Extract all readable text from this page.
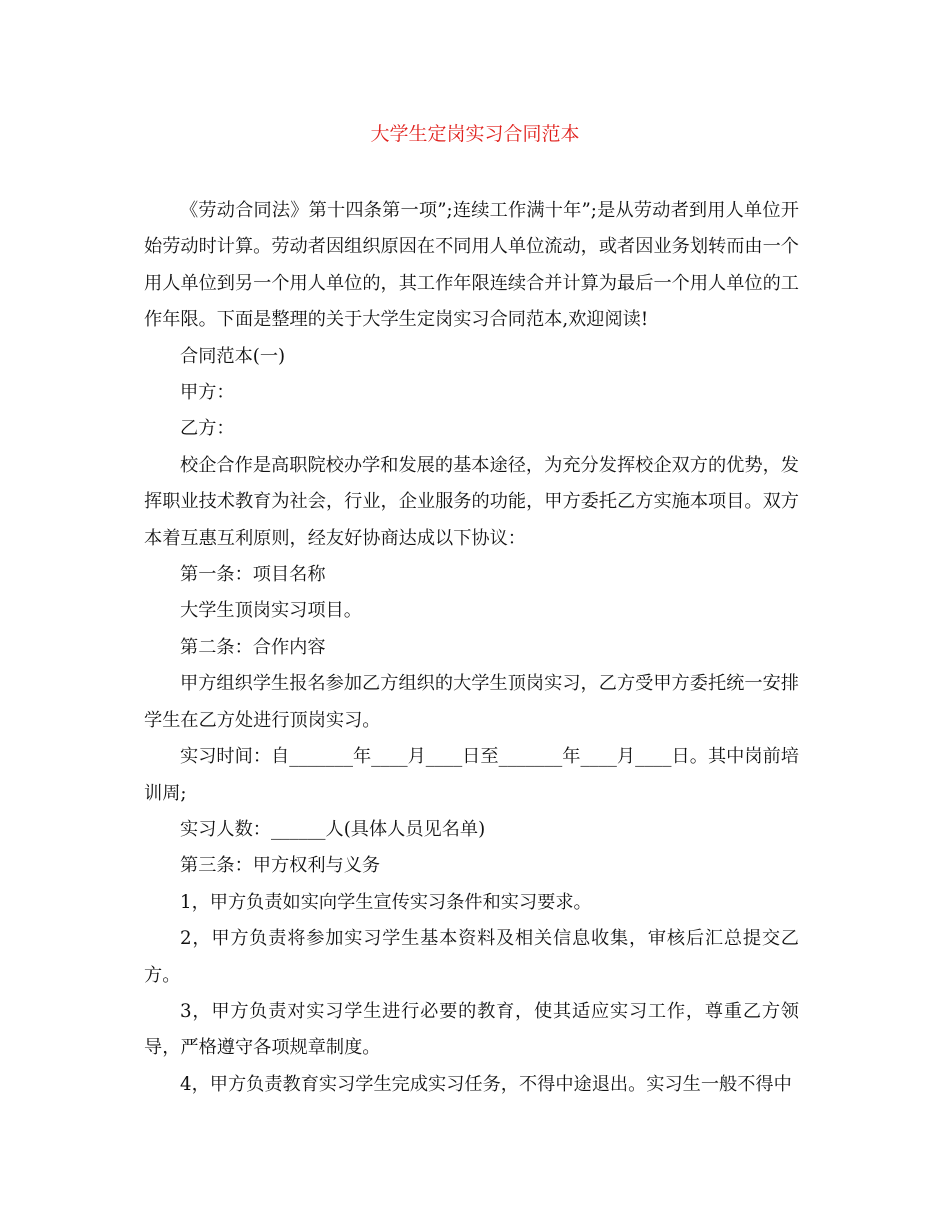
大学生定岗实习合同范本

《劳动合同法》第十四条第一项”;连续工作满十年”;是从劳动者到用人单位开始劳动时计算。劳动者因组织原因在不同用人单位流动，或者因业务划转而由一个用人单位到另一个用人单位的，其工作年限连续合并计算为最后一个用人单位的工作年限。下面是整理的关于大学生定岗实习合同范本,欢迎阅读!

合同范本(一)

甲方：

乙方：

校企合作是高职院校办学和发展的基本途径，为充分发挥校企双方的优势，发挥职业技术教育为社会，行业，企业服务的功能，甲方委托乙方实施本项目。双方本着互惠互利原则，经友好协商达成以下协议：

第一条：项目名称

大学生顶岗实习项目。

第二条：合作内容

甲方组织学生报名参加乙方组织的大学生顶岗实习，乙方受甲方委托统一安排学生在乙方处进行顶岗实习。

实习时间：自_______年____月____日至_______年____月____日。其中岗前培训周;

实习人数：______人(具体人员见名单)

第三条：甲方权利与义务

1，甲方负责如实向学生宣传实习条件和实习要求。

2，甲方负责将参加实习学生基本资料及相关信息收集，审核后汇总提交乙方。

3，甲方负责对实习学生进行必要的教育，使其适应实习工作，尊重乙方领导，严格遵守各项规章制度。

4，甲方负责教育实习学生完成实习任务，不得中途退出。实习生一般不得中
